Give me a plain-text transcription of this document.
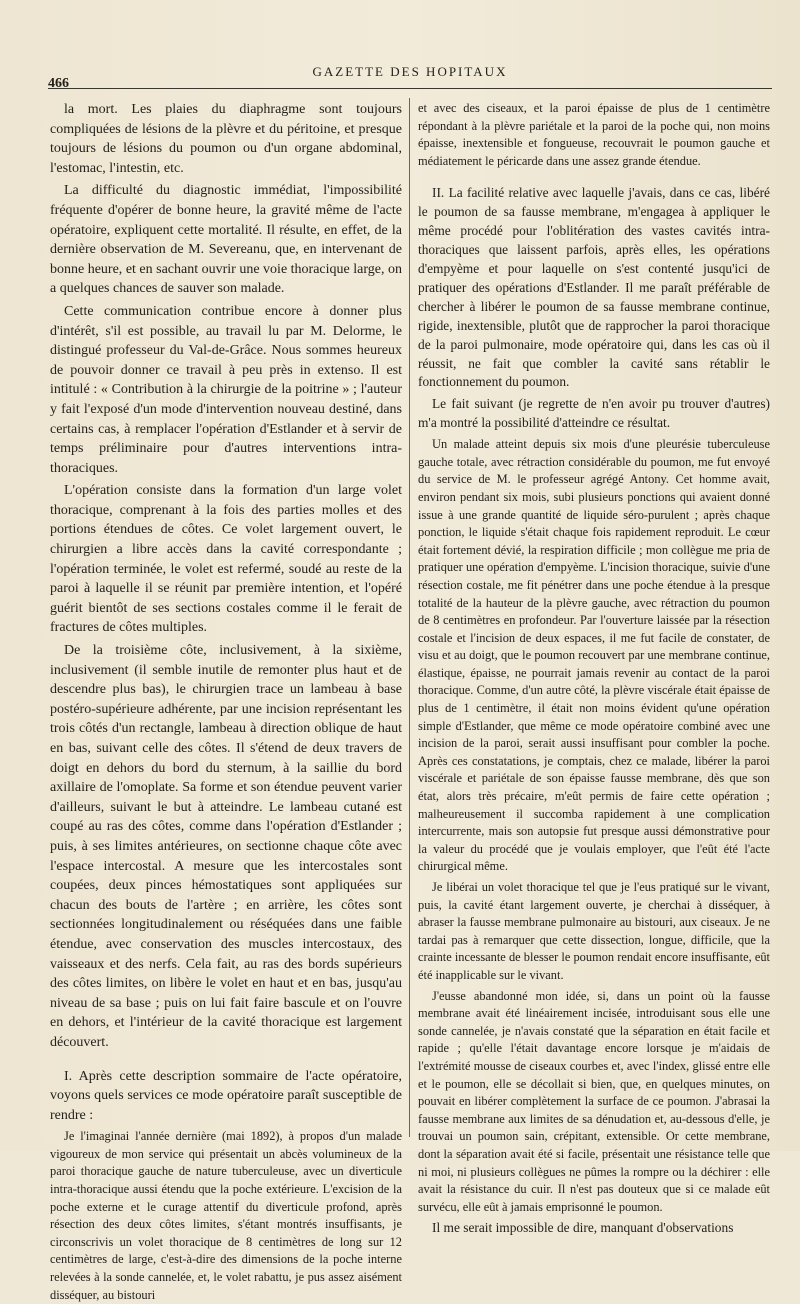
466
GAZETTE DES HOPITAUX

la mort. Les plaies du diaphragme sont toujours compliquées de lésions de la plèvre et du péritoine, et presque toujours de lésions du poumon ou d'un organe abdominal, l'estomac, l'intestin, etc.

La difficulté du diagnostic immédiat, l'impossibilité fréquente d'opérer de bonne heure, la gravité même de l'acte opératoire, expliquent cette mortalité. Il résulte, en effet, de la dernière observation de M. Severeanu, que, en intervenant de bonne heure, et en sachant ouvrir une voie thoracique large, on a quelques chances de sauver son malade.

Cette communication contribue encore à donner plus d'intérêt, s'il est possible, au travail lu par M. Delorme, le distingué professeur du Val-de-Grâce. Nous sommes heureux de pouvoir donner ce travail à peu près in extenso. Il est intitulé : « Contribution à la chirurgie de la poitrine » ; l'auteur y fait l'exposé d'un mode d'intervention nouveau destiné, dans certains cas, à remplacer l'opération d'Estlander et à servir de temps préliminaire pour d'autres interventions intra-thoraciques.

L'opération consiste dans la formation d'un large volet thoracique, comprenant à la fois des parties molles et des portions étendues de côtes. Ce volet largement ouvert, le chirurgien a libre accès dans la cavité correspondante ; l'opération terminée, le volet est refermé, soudé au reste de la paroi à laquelle il se réunit par première intention, et l'opéré guérit bientôt de ses sections costales comme il le ferait de fractures de côtes multiples.

De la troisième côte, inclusivement, à la sixième, inclusivement (il semble inutile de remonter plus haut et de descendre plus bas), le chirurgien trace un lambeau à base postéro-supérieure adhérente, par une incision représentant les trois côtés d'un rectangle, lambeau à direction oblique de haut en bas, suivant celle des côtes. Il s'étend de deux travers de doigt en dehors du bord du sternum, à la saillie du bord axillaire de l'omoplate. Sa forme et son étendue peuvent varier d'ailleurs, suivant le but à atteindre. Le lambeau cutané est coupé au ras des côtes, comme dans l'opération d'Estlander ; puis, à ses limites antérieures, on sectionne chaque côte avec l'espace intercostal. A mesure que les intercostales sont coupées, deux pinces hémostatiques sont appliquées sur chacun des bouts de l'artère ; en arrière, les côtes sont sectionnées longitudinalement ou réséquées dans une faible étendue, avec conservation des muscles intercostaux, des vaisseaux et des nerfs. Cela fait, au ras des bords supérieurs des côtes limites, on libère le volet en haut et en bas, jusqu'au niveau de sa base ; puis on lui fait faire bascule et on l'ouvre en dehors, et l'intérieur de la cavité thoracique est largement découvert.

I. Après cette description sommaire de l'acte opératoire, voyons quels services ce mode opératoire paraît susceptible de rendre :

Je l'imaginai l'année dernière (mai 1892), à propos d'un malade vigoureux de mon service qui présentait un abcès volumineux de la paroi thoracique gauche de nature tuberculeuse, avec un diverticule intra-thoracique aussi étendu que la poche extérieure. L'excision de la poche externe et le curage attentif du diverticule profond, après résection des deux côtes limites, s'étant montrés insuffisants, je circonscrivis un volet thoracique de 8 centimètres de long sur 12 centimètres de large, c'est-à-dire des dimensions de la poche interne relevées à la sonde cannelée, et, le volet rabattu, je pus assez aisément disséquer, au bistouri

et avec des ciseaux, et la paroi épaisse de plus de 1 centimètre répondant à la plèvre pariétale et la paroi de la poche qui, non moins épaisse, inextensible et fongueuse, recouvrait le poumon gauche et médiatement le péricarde dans une assez grande étendue.

II. La facilité relative avec laquelle j'avais, dans ce cas, libéré le poumon de sa fausse membrane, m'engagea à appliquer le même procédé pour l'oblitération des vastes cavités intra-thoraciques que laissent parfois, après elles, les opérations d'empyème et pour laquelle on s'est contenté jusqu'ici de pratiquer des opérations d'Estlander. Il me paraît préférable de chercher à libérer le poumon de sa fausse membrane continue, rigide, inextensible, plutôt que de rapprocher la paroi thoracique de la paroi pulmonaire, mode opératoire qui, dans les cas où il réussit, ne fait que combler la cavité sans rétablir le fonctionnement du poumon.

Le fait suivant (je regrette de n'en avoir pu trouver d'autres) m'a montré la possibilité d'atteindre ce résultat.

Un malade atteint depuis six mois d'une pleurésie tuberculeuse gauche totale, avec rétraction considérable du poumon, me fut envoyé du service de M. le professeur agrégé Antony. Cet homme avait, environ pendant six mois, subi plusieurs ponctions qui avaient donné issue à une grande quantité de liquide séro-purulent ; après chaque ponction, le liquide s'était chaque fois rapidement reproduit. Le cœur était fortement dévié, la respiration difficile ; mon collègue me pria de pratiquer une opération d'empyème. L'incision thoracique, suivie d'une résection costale, me fit pénétrer dans une poche étendue à la presque totalité de la hauteur de la plèvre gauche, avec rétraction du poumon de 8 centimètres en profondeur. Par l'ouverture laissée par la résection costale et l'incision de deux espaces, il me fut facile de constater, de visu et au doigt, que le poumon recouvert par une membrane continue, élastique, épaisse, ne pourrait jamais revenir au contact de la paroi thoracique. Comme, d'un autre côté, la plèvre viscérale était épaisse de plus de 1 centimètre, il était non moins évident qu'une opération simple d'Estlander, que même ce mode opératoire combiné avec une incision de la paroi, serait aussi insuffisant pour combler la poche. Après ces constatations, je comptais, chez ce malade, libérer la paroi viscérale et pariétale de son épaisse fausse membrane, dès que son état, alors très précaire, m'eût permis de faire cette opération ; malheureusement il succomba rapidement à une complication intercurrente, mais son autopsie fut presque aussi démonstrative pour la valeur du procédé que je voulais employer, que l'eût été l'acte chirurgical même.

Je libérai un volet thoracique tel que je l'eus pratiqué sur le vivant, puis, la cavité étant largement ouverte, je cherchai à disséquer, à abraser la fausse membrane pulmonaire au bistouri, aux ciseaux. Je ne tardai pas à remarquer que cette dissection, longue, difficile, que la crainte incessante de blesser le poumon rendait encore insuffisante, eût été inapplicable sur le vivant.

J'eusse abandonné mon idée, si, dans un point où la fausse membrane avait été linéairement incisée, introduisant sous elle une sonde cannelée, je n'avais constaté que la séparation en était facile et rapide ; qu'elle l'était davantage encore lorsque je m'aidais de l'extrémité mousse de ciseaux courbes et, avec l'index, glissé entre elle et le poumon, elle se décollait si bien, que, en quelques minutes, on pouvait en libérer complètement la surface de ce poumon. J'abrasai la fausse membrane aux limites de sa dénudation et, au-dessous d'elle, je trouvai un poumon sain, crépitant, extensible. Or cette membrane, dont la séparation avait été si facile, présentait une résistance telle que ni moi, ni plusieurs collègues ne pûmes la rompre ou la déchirer : elle avait la résistance du cuir. Il n'est pas douteux que si ce malade eût survécu, elle eût à jamais emprisonné le poumon.

Il me serait impossible de dire, manquant d'observations
